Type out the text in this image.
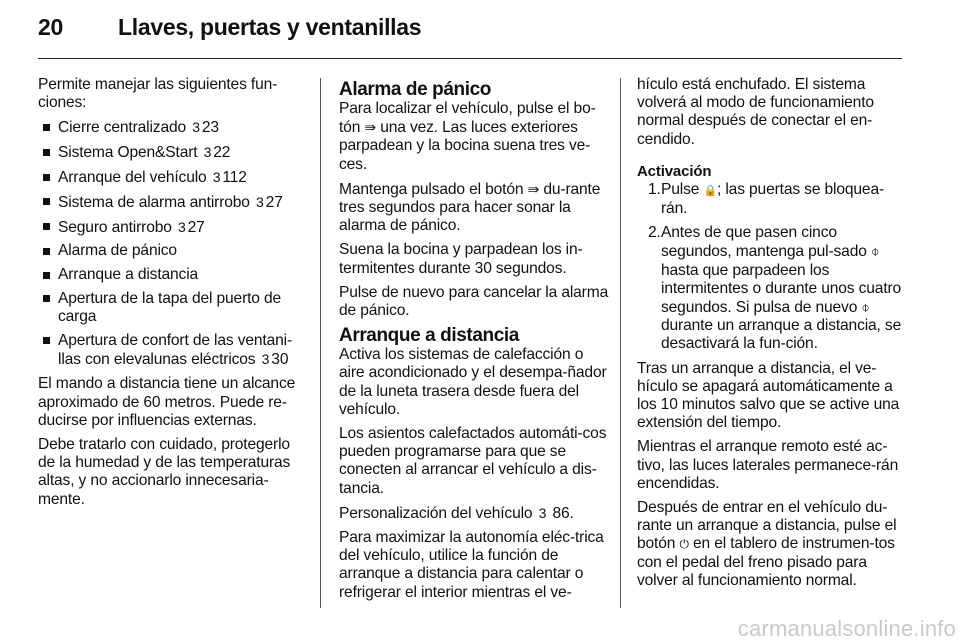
20 Llaves, puertas y ventanillas

Permite manejar las siguientes fun-ciones:

Cierre centralizado 3 23
Sistema Open&Start 3 22
Arranque del vehículo 3 112
Sistema de alarma antirrobo 3 27
Seguro antirrobo 3 27
Alarma de pánico
Arranque a distancia
Apertura de la tapa del puerto de carga
Apertura de confort de las ventani-llas con elevalunas eléctricos 3 30

El mando a distancia tiene un alcance aproximado de 60 metros. Puede re-ducirse por influencias externas.

Debe tratarlo con cuidado, protegerlo de la humedad y de las temperaturas altas, y no accionarlo innecesaria-mente.

Alarma de pánico

Para localizar el vehículo, pulse el bo-tón ⇛ una vez. Las luces exteriores parpadean y la bocina suena tres ve-ces.

Mantenga pulsado el botón ⇛ du-rante tres segundos para hacer sonar la alarma de pánico.

Suena la bocina y parpadean los in-termitentes durante 30 segundos.

Pulse de nuevo para cancelar la alarma de pánico.

Arranque a distancia

Activa los sistemas de calefacción o aire acondicionado y el desempa-ñador de la luneta trasera desde fuera del vehículo.

Los asientos calefactados automáti-cos pueden programarse para que se conecten al arrancar el vehículo a dis-tancia.

Personalización del vehículo 3 86.

Para maximizar la autonomía eléc-trica del vehículo, utilice la función de arranque a distancia para calentar o refrigerar el interior mientras el ve-

hículo está enchufado. El sistema volverá al modo de funcionamiento normal después de conectar el en-cendido.

Activación
1. Pulse 🔒; las puertas se bloquea-rán.
2. Antes de que pasen cinco segundos, mantenga pul-sado ⌽ hasta que parpadeen los intermitentes o durante unos cuatro segundos. Si pulsa de nuevo ⌽ durante un arranque a distancia, se desactivará la fun-ción.

Tras un arranque a distancia, el ve-hículo se apagará automáticamente a los 10 minutos salvo que se active una extensión del tiempo.

Mientras el arranque remoto esté ac-tivo, las luces laterales permanece-rán encendidas.

Después de entrar en el vehículo du-rante un arranque a distancia, pulse el botón ⏻ en el tablero de instrumen-tos con el pedal del freno pisado para volver al funcionamiento normal.

carmanualsonline.info
